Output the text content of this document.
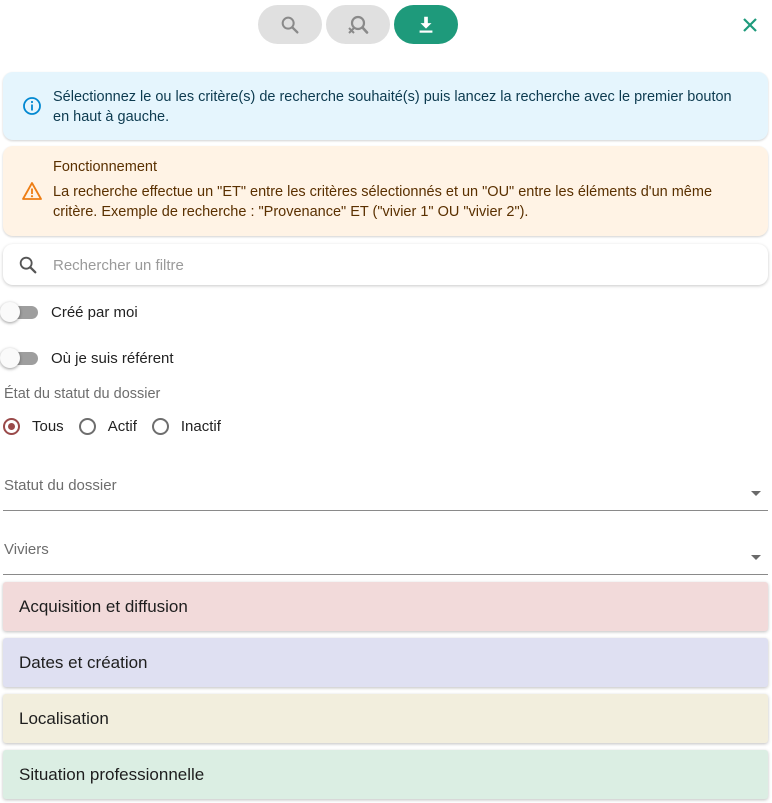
Sélectionnez le ou les critère(s) de recherche souhaité(s) puis lancez la recherche avec le premier bouton en haut à gauche.
Fonctionnement
La recherche effectue un "ET" entre les critères sélectionnés et un "OU" entre les éléments d'un même critère. Exemple de recherche : "Provenance" ET ("vivier 1" OU "vivier 2").
Rechercher un filtre
Créé par moi
Où je suis référent
État du statut du dossier
Tous	Actif	Inactif
Statut du dossier
Viviers
Acquisition et diffusion
Dates et création
Localisation
Situation professionnelle
